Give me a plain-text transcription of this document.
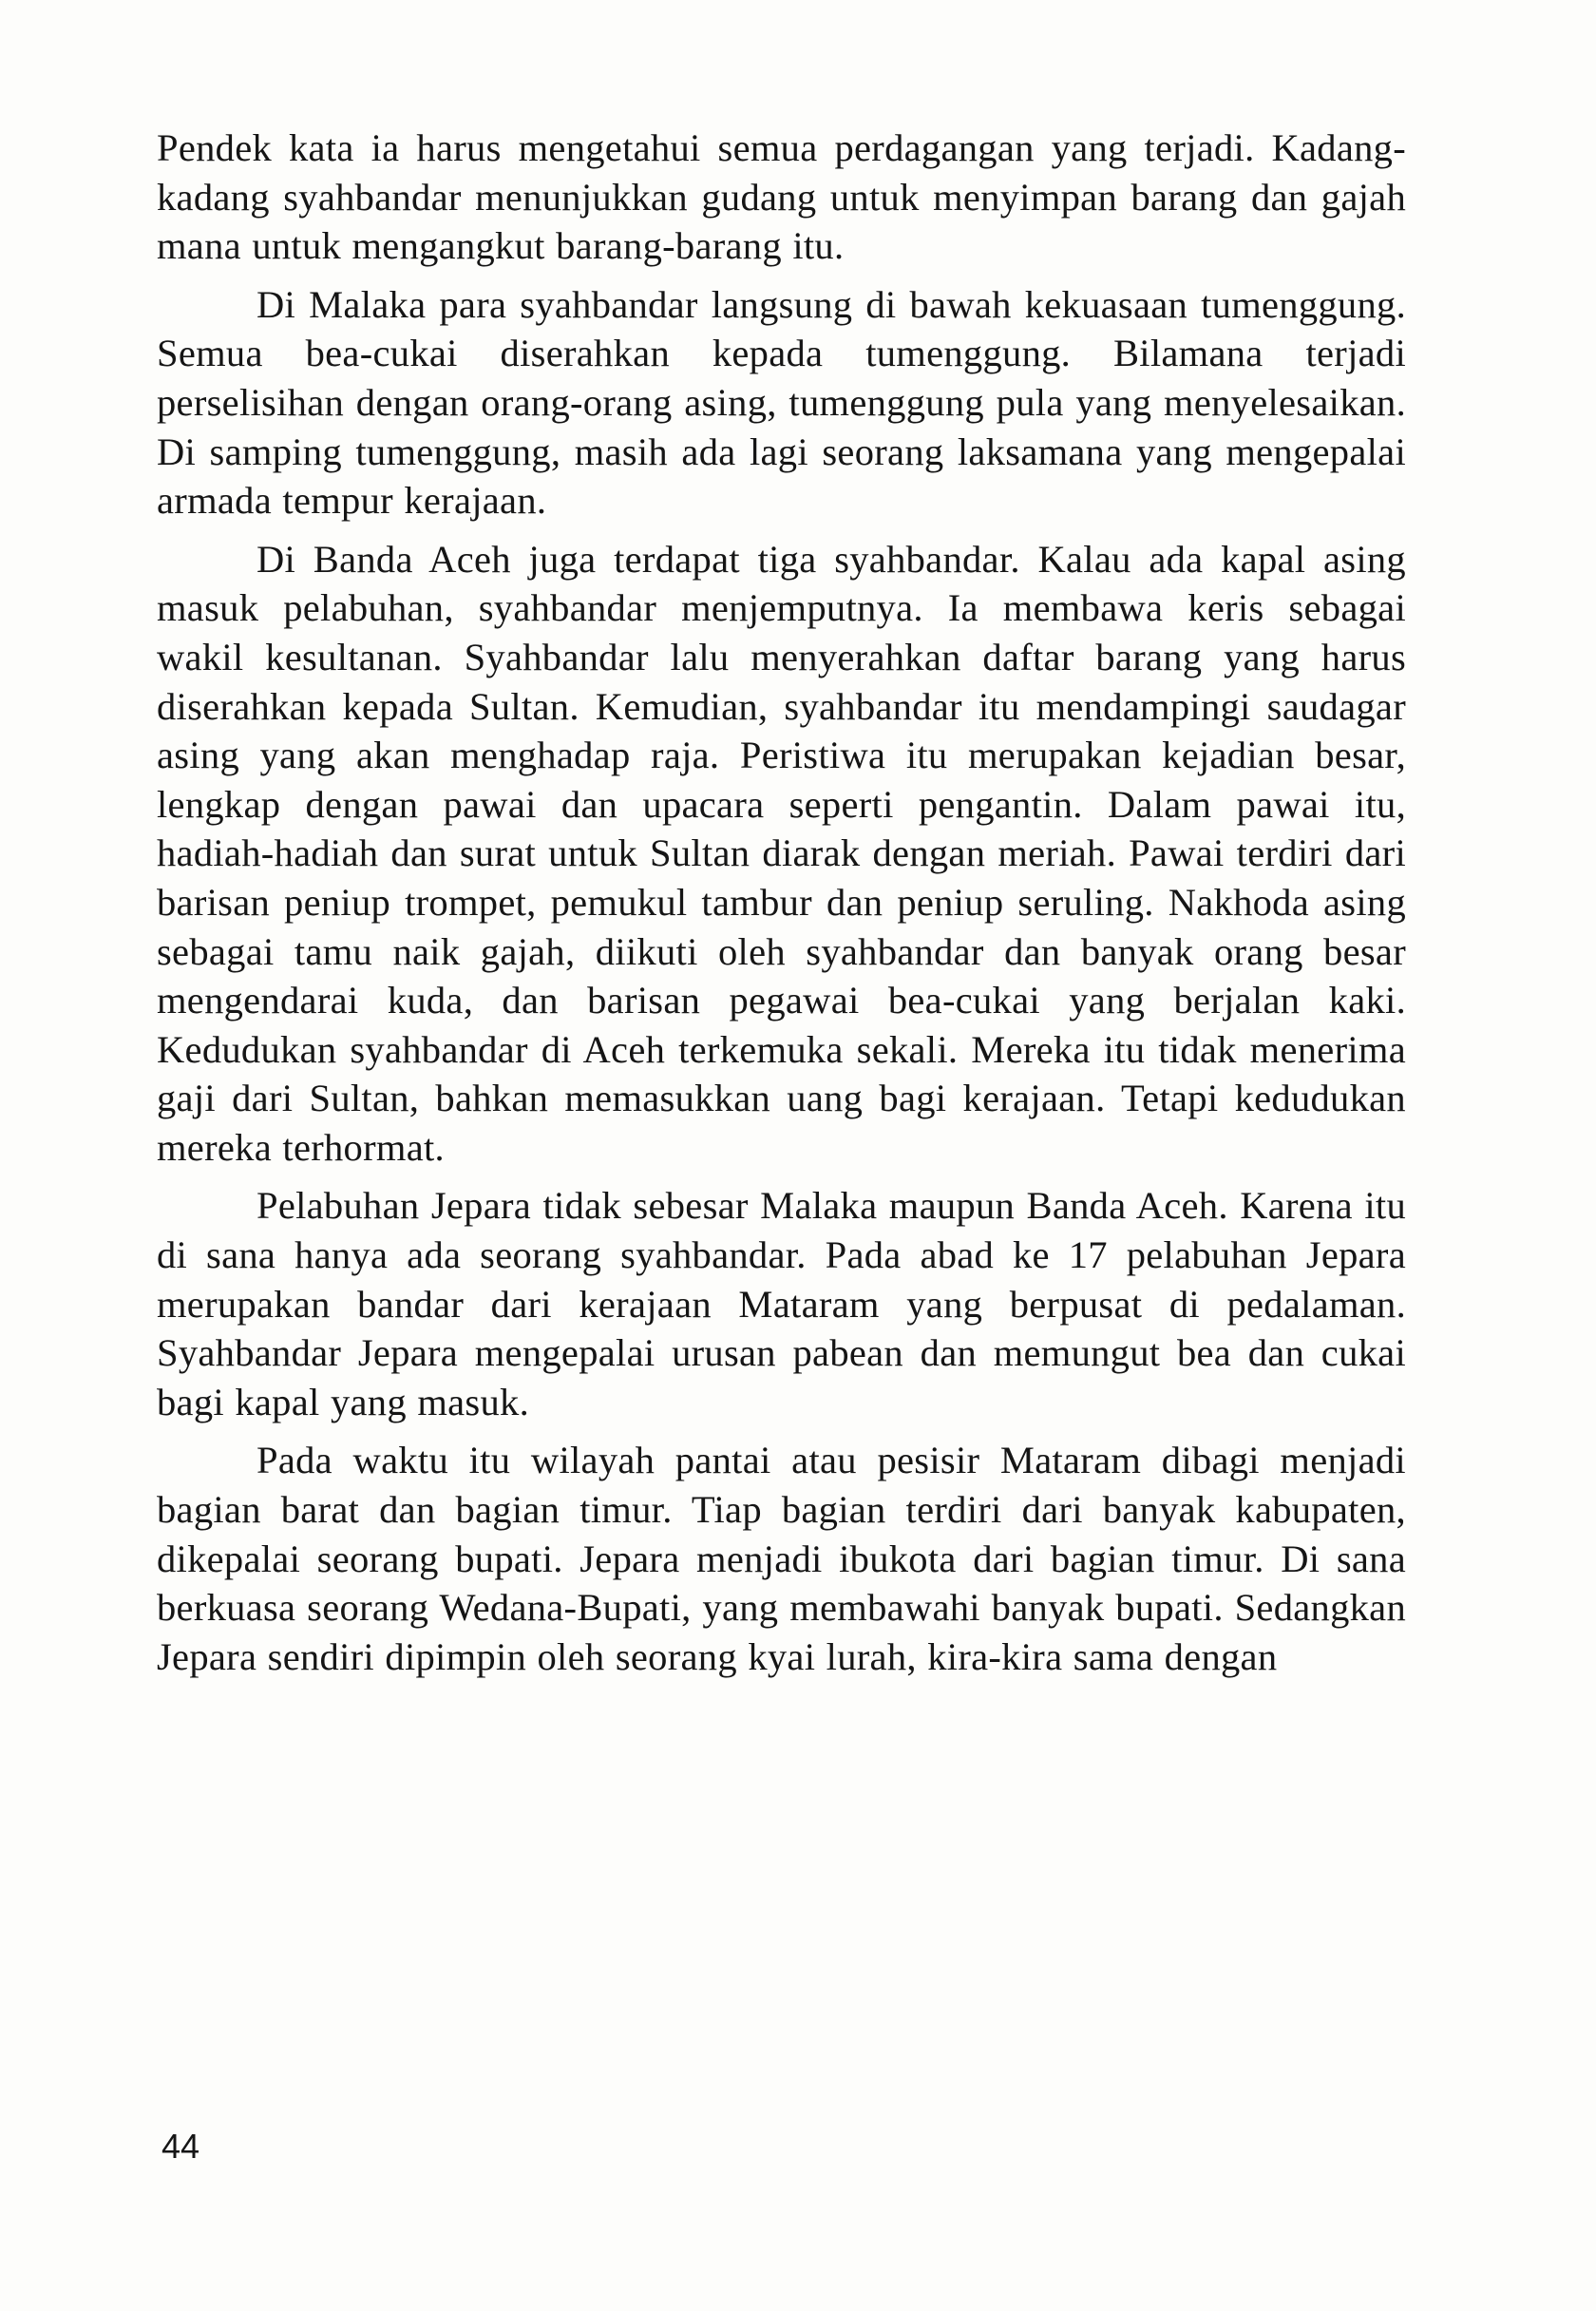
Pendek kata ia harus mengetahui semua perdagangan yang terjadi. Kadang-kadang syahbandar menunjukkan gudang untuk menyimpan barang dan gajah mana untuk mengangkut barang-barang itu.

Di Malaka para syahbandar langsung di bawah kekuasaan tumenggung. Semua bea-cukai diserahkan kepada tumenggung. Bilamana terjadi perselisihan dengan orang-orang asing, tumenggung pula yang menyelesaikan. Di samping tumenggung, masih ada lagi seorang laksamana yang mengepalai armada tempur kerajaan.

Di Banda Aceh juga terdapat tiga syahbandar. Kalau ada kapal asing masuk pelabuhan, syahbandar menjemputnya. Ia membawa keris sebagai wakil kesultanan. Syahbandar lalu menyerahkan daftar barang yang harus diserahkan kepada Sultan. Kemudian, syahbandar itu mendampingi saudagar asing yang akan menghadap raja. Peristiwa itu merupakan kejadian besar, lengkap dengan pawai dan upacara seperti pengantin. Dalam pawai itu, hadiah-hadiah dan surat untuk Sultan diarak dengan meriah. Pawai terdiri dari barisan peniup trompet, pemukul tambur dan peniup seruling. Nakhoda asing sebagai tamu naik gajah, diikuti oleh syahbandar dan banyak orang besar mengendarai kuda, dan barisan pegawai bea-cukai yang berjalan kaki. Kedudukan syahbandar di Aceh terkemuka sekali. Mereka itu tidak menerima gaji dari Sultan, bahkan memasukkan uang bagi kerajaan. Tetapi kedudukan mereka terhormat.

Pelabuhan Jepara tidak sebesar Malaka maupun Banda Aceh. Karena itu di sana hanya ada seorang syahbandar. Pada abad ke 17 pelabuhan Jepara merupakan bandar dari kerajaan Mataram yang berpusat di pedalaman. Syahbandar Jepara mengepalai urusan pabean dan memungut bea dan cukai bagi kapal yang masuk.

Pada waktu itu wilayah pantai atau pesisir Mataram dibagi menjadi bagian barat dan bagian timur. Tiap bagian terdiri dari banyak kabupaten, dikepalai seorang bupati. Jepara menjadi ibukota dari bagian timur. Di sana berkuasa seorang Wedana-Bupati, yang membawahi banyak bupati. Sedangkan Jepara sendiri dipimpin oleh seorang kyai lurah, kira-kira sama dengan

44
